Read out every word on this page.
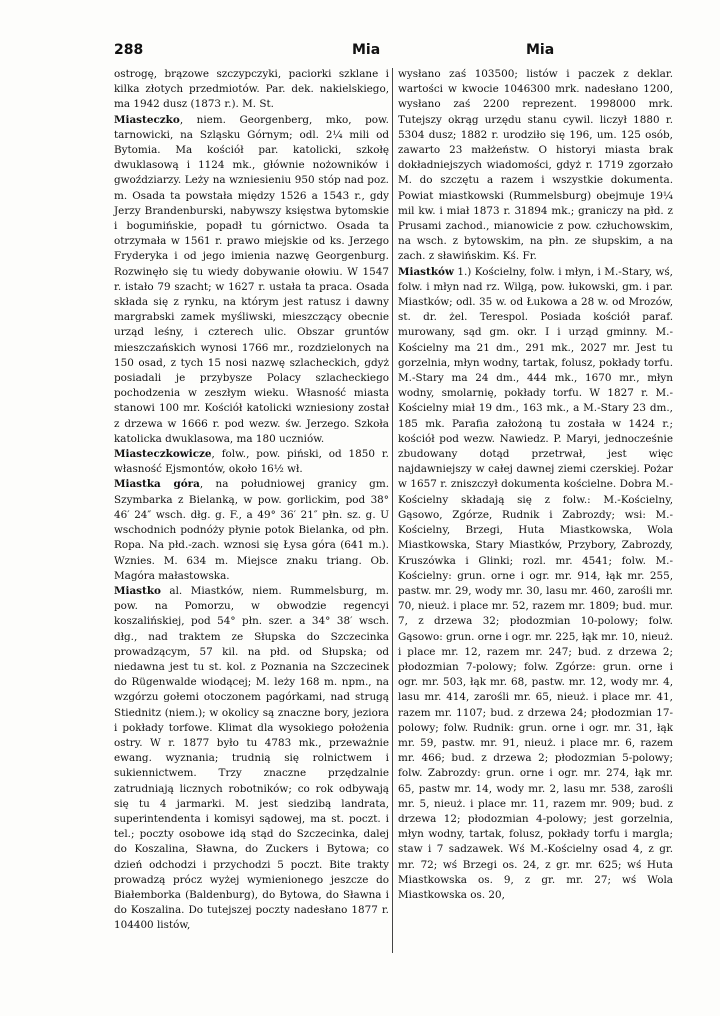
288	Mia	Mia

ostrogę, brązowe szczypczyki, paciorki szklane i kilka złotych przedmiotów. Par. dek. nakielskiego, ma 1942 dusz (1873 r.). M. St.

Miasteczko, niem. Georgenberg, mko, pow. tarnowicki, na Szląsku Górnym; odl. 2¼ mili od Bytomia. Ma kościół par. katolicki, szkołę dwuklasową i 1124 mk., głównie nożowników i gwoździarzy. Leży na wzniesieniu 950 stóp nad poz. m. Osada ta powstała między 1526 a 1543 r., gdy Jerzy Brandenburski, nabywszy księstwa bytomskie i bogumińskie, popadł tu górnictwo. Osada ta otrzymała w 1561 r. prawo miejskie od ks. Jerzego Fryderyka i od jego imienia nazwę Georgenburg. Rozwinęło się tu wiedy dobywanie ołowiu. W 1547 r. istało 79 szacht; w 1627 r. ustała ta praca. Osada składa się z rynku, na którym jest ratusz i dawny margrabski zamek myśliwski, mieszczący obecnie urząd leśny, i czterech ulic. Obszar gruntów mieszczańskich wynosi 1766 mr., rozdzielonych na 150 osad, z tych 15 nosi nazwę szlacheckich, gdyż posiadali je przybysze Polacy szlacheckiego pochodzenia w zeszłym wieku. Własność miasta stanowi 100 mr. Kościół katolicki wzniesiony został z drzewa w 1666 r. pod wezw. św. Jerzego. Szkoła katolicka dwuklasowa, ma 180 uczniów.

Miasteczkowicze, folw., pow. piński, od 1850 r. własność Ejsmontów, około 16½ wł.

Miastka góra, na południowej granicy gm. Szymbarka z Bielanką, w pow. gorlickim, pod 38° 46′ 24″ wsch. dłg. g. F., a 49° 36′ 21″ płn. sz. g. U wschodnich podnóży płynie potok Bielanka, od płn. Ropa. Na płd.-zach. wznosi się Łysa góra (641 m.). Wznies. M. 634 m. Miejsce znaku triang. Ob. Magóra małastowska.

Miastko al. Miastków, niem. Rummelsburg, m. pow. na Pomorzu, w obwodzie regencyi koszalińskiej, pod 54° płn. szer. a 34° 38′ wsch. dłg., nad traktem ze Słupska do Szczecinka prowadzącym, 57 kil. na płd. od Słupska; od niedawna jest tu st. kol. z Poznania na Szczecinek do Rügenwalde wiodącej; M. leży 168 m. npm., na wzgórzu gołemi otoczonem pagórkami, nad strugą Stiednitz (niem.); w okolicy są znaczne bory, jeziora i pokłady torfowe. Klimat dla wysokiego położenia ostry. W r. 1877 było tu 4783 mk., przeważnie ewang. wyznania; trudnią się rolnictwem i sukiennictwem. Trzy znaczne przędzalnie zatrudniają licznych robotników; co rok odbywają się tu 4 jarmarki. M. jest siedzibą landrata, superintendenta i komisyi sądowej, ma st. poczt. i tel.; poczty osobowe idą stąd do Szczecinka, dalej do Koszalina, Sławna, do Zuckers i Bytowa; co dzień odchodzi i przychodzi 5 poczt. Bite trakty prowadzą prócz wyżej wymienionego jeszcze do Białemborka (Baldenburg), do Bytowa, do Sławna i do Koszalina. Do tutejszej poczty nadesłano 1877 r. 104400 listów,

wysłano zaś 103500; listów i paczek z deklar. wartości w kwocie 1046300 mrk. nadesłano 1200, wysłano zaś 2200 reprezent. 1998000 mrk. Tutejszy okrąg urzędu stanu cywil. liczył 1880 r. 5304 dusz; 1882 r. urodziło się 196, um. 125 osób, zawarto 23 małżeństw. O historyi miasta brak dokładniejszych wiadomości, gdyż r. 1719 zgorzało M. do szczętu a razem i wszystkie dokumenta. Powiat miastkowski (Rummelsburg) obejmuje 19¼ mil kw. i miał 1873 r. 31894 mk.; graniczy na płd. z Prusami zachod., mianowicie z pow. człuchowskim, na wsch. z bytowskim, na płn. ze słupskim, a na zach. z sławińskim. Kś. Fr.

Miastków 1.) Kościelny, folw. i młyn, i M.-Stary, wś, folw. i młyn nad rz. Wilgą, pow. łukowski, gm. i par. Miastków; odl. 35 w. od Łukowa a 28 w. od Mrozów, st. dr. żel. Terespol. Posiada kościół paraf. murowany, sąd gm. okr. I i urząd gminny. M.-Kościelny ma 21 dm., 291 mk., 2027 mr. Jest tu gorzelnia, młyn wodny, tartak, folusz, pokłady torfu. M.-Stary ma 24 dm., 444 mk., 1670 mr., młyn wodny, smolarnię, pokłady torfu. W 1827 r. M.-Kościelny miał 19 dm., 163 mk., a M.-Stary 23 dm., 185 mk. Parafia założoną tu została w 1424 r.; kościół pod wezw. Nawiedz. P. Maryi, jednocześnie zbudowany dotąd przetrwał, jest więc najdawniejszy w całej dawnej ziemi czerskiej. Pożar w 1657 r. zniszczył dokumenta kościelne. Dobra M.-Kościelny składają się z folw.: M.-Kościelny, Gąsowo, Zgórze, Rudnik i Zabrozdy; wsi: M.-Kościelny, Brzegi, Huta Miastkowska, Wola Miastkowska, Stary Miastków, Przybory, Zabrozdy, Kruszówka i Glinki; rozl. mr. 4541; folw. M.-Kościelny: grun. orne i ogr. mr. 914, łąk mr. 255, pastw. mr. 29, wody mr. 30, lasu mr. 460, zarośli mr. 70, nieuż. i place mr. 52, razem mr. 1809; bud. mur. 7, z drzewa 32; płodozmian 10-polowy; folw. Gąsowo: grun. orne i ogr. mr. 225, łąk mr. 10, nieuż. i place mr. 12, razem mr. 247; bud. z drzewa 2; płodozmian 7-polowy; folw. Zgórze: grun. orne i ogr. mr. 503, łąk mr. 68, pastw. mr. 12, wody mr. 4, lasu mr. 414, zarośli mr. 65, nieuż. i place mr. 41, razem mr. 1107; bud. z drzewa 24; płodozmian 17-polowy; folw. Rudnik: grun. orne i ogr. mr. 31, łąk mr. 59, pastw. mr. 91, nieuż. i place mr. 6, razem mr. 466; bud. z drzewa 2; płodozmian 5-polowy; folw. Zabrozdy: grun. orne i ogr. mr. 274, łąk mr. 65, pastw mr. 14, wody mr. 2, lasu mr. 538, zarośli mr. 5, nieuż. i place mr. 11, razem mr. 909; bud. z drzewa 12; płodozmian 4-polowy; jest gorzelnia, młyn wodny, tartak, folusz, pokłady torfu i margla; staw i 7 sadzawek. Wś M.-Kościelny osad 4, z gr. mr. 72; wś Brzegi os. 24, z gr. mr. 625; wś Huta Miastkowska os. 9, z gr. mr. 27; wś Wola Miastkowska os. 20,
